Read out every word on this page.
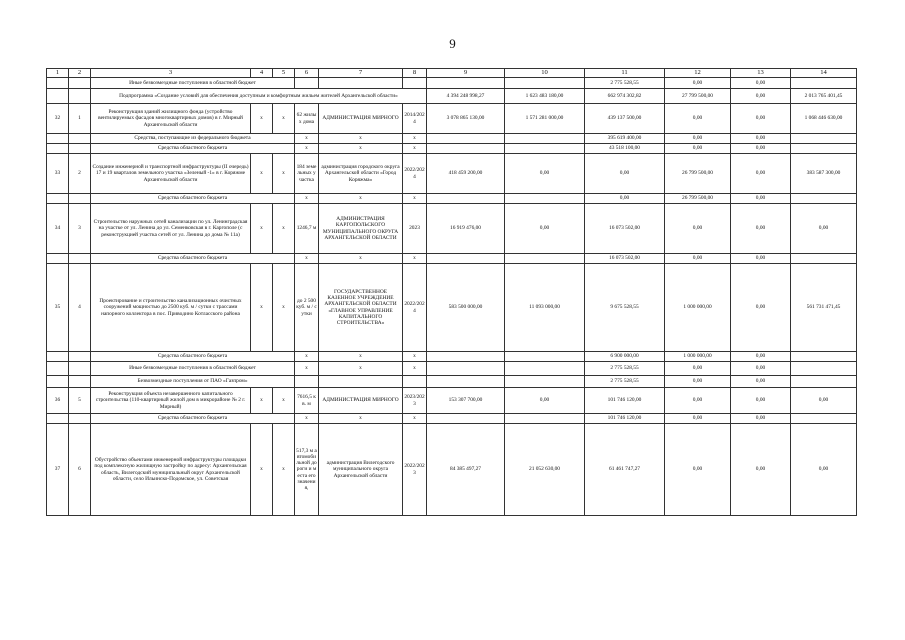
9
1	2	3	4	5	6	7	8	9	10	11	12	13	14
		Иные безвозмездные поступления в областной бюджет								2 775 528,55	0,00	0,00	
		Подпрограмма «Создание условий для обеспечения доступным и комфортным жильем жителей Архангельской области»						4 394 248 998,27	1 623 483 180,00	662 974 302,82	27 799 500,00	0,00	2 013 765 401,45
32	1	Реконструкция зданий жилищного фонда (устройство вентилируемых фасадов многоквартирных домов) в г. Мирный Архангельской области	x	x	62 жилы х дома	АДМИНИСТРАЦИЯ МИРНОГО	2014/2024	3 078 865 130,00	1 571 281 000,00	439 137 500,00	0,00	0,00	1 068 446 630,00
		Средства, поступающие из федерального бюджета			x	x	x			395 619 400,00	0,00	0,00	
		Средства областного бюджета			x	x	x			43 518 100,00	0,00	0,00	
33	2	Создание инженерной и транспортной инфраструктуры (II очередь) 17 и 19 кварталов земельного участка «Зеленый -1» в г. Коряжме Архангельской области	x	x	184 земельных участка	администрация городского округа Архангельской области «Город Коряжма»	2022/2024	418 459 200,00	0,00	0,00	26 799 500,00	0,00	383 587 300,00
		Средства областного бюджета			x	x	x			0,00	26 799 500,00	0,00	
34	3	Строительство наружных сетей канализации по ул. Ленинградская на участке от ул. Ленина до ул. Семенковская в г. Каргополе (с реконструкцией участка сетей от ул. Ленина до дома № 11а)	x	x	1246,7 м	АДМИНИСТРАЦИЯ КАРГОПОЛЬСКОГО МУНИЦИПАЛЬНОГО ОКРУГА АРХАНГЕЛЬСКОЙ ОБЛАСТИ	2023	16 919 476,00	0,00	16 073 502,00	0,00	0,00	0,00
		Средства областного бюджета			x	x	x			16 073 502,00	0,00	0,00	
35	4	Проектирование и строительство канализационных очистных сооружений мощностью до 2500 куб. м / сутки с трассами напорного коллектора в пос. Приводино Котласского района	x	x	до 2 500 куб. м / сутки	ГОСУДАРСТВЕННОЕ КАЗЕННОЕ УЧРЕЖДЕНИЕ АРХАНГЕЛЬСКОЙ ОБЛАСТИ «ГЛАВНОЕ УПРАВЛЕНИЕ КАПИТАЛЬНОГО СТРОИТЕЛЬСТВА»	2022/2024	583 500 000,00	11 093 000,00	9 675 528,55	1 000 000,00	0,00	561 731 471,45
		Средства областного бюджета			x	x	x			6 900 000,00	1 000 000,00	0,00	
		Иные безвозмездные поступления в областной бюджет			x	x	x			2 775 528,55	0,00	0,00	
		Безвозмездные поступления от ПАО «Газпром»								2 775 528,55	0,00	0,00	
36	5	Реконструкция объекта незавершенного капитального строительства (110-квартирный жилой дом в микрорайоне № 2 г. Мирный)	x	x	7616,5 кв. м	АДМИНИСТРАЦИЯ МИРНОГО	2023/2023	153 307 700,00	0,00	101 746 120,00	0,00	0,00	0,00
		Средства областного бюджета			x	x	x			101 746 120,00	0,00	0,00	
37	6	Обустройство объектами инженерной инфраструктуры площадки под комплексную жилищную застройку по адресу: Архангельская область, Вилегодский муниципальный округ Архангельской области, село Ильинско-Подомское, ул. Советская	x	x	517,3 м автомобильной дороги и места его значения,	администрация Вилегодского муниципального округа Архангельской области	2022/2023	84 385 497,27	21 052 630,00	61 461 747,27	0,00	0,00	0,00
